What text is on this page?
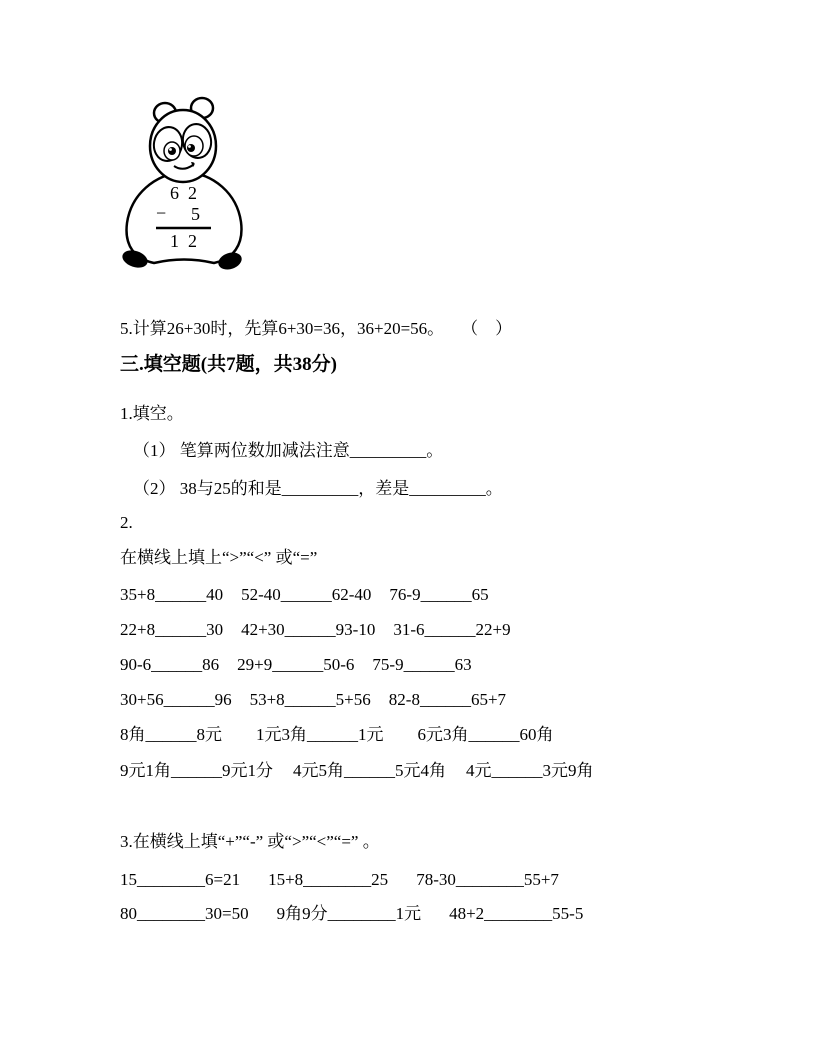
6 2
− 5
1 2
5.计算26+30时，先算6+30=36，36+20=56。　　（　）
三.填空题(共7题，共38分)
1.填空。
（1） 笔算两位数加减法注意_________。
（2） 38与25的和是_________，差是_________。
2.
在横线上填上“>”“<” 或“=”
35+8______40 52-40______62-40 76-9______65
22+8______30 42+30______93-10 31-6______22+9
90-6______86 29+9______50-6 75-9______63
30+56______96 53+8______5+56 82-8______65+7
8角______8元 1元3角______1元 6元3角______60角
9元1角______9元1分 4元5角______5元4角 4元______3元9角
3.在横线上填“+”“-” 或“>”“<”“=” 。
15________6=21 15+8________25 78-30________55+7
80________30=50 9角9分________1元 48+2________55-5
